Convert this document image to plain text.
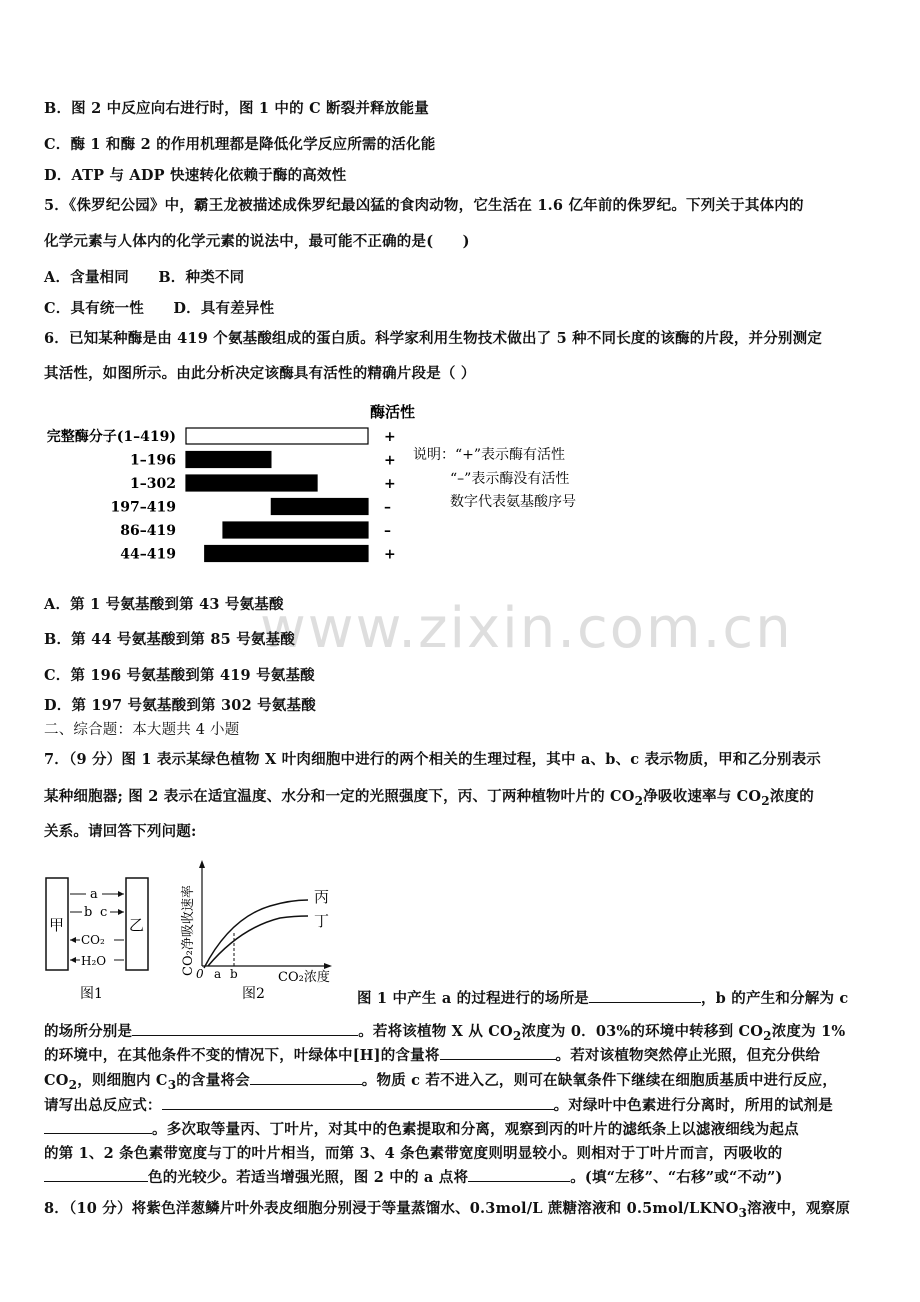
www.zixin.com.cn
B．图 2 中反应向右进行时，图 1 中的 C 断裂并释放能量
C．酶 1 和酶 2 的作用机理都是降低化学反应所需的活化能
D．ATP 与 ADP 快速转化依赖于酶的高效性
5．《侏罗纪公园》中，霸王龙被描述成侏罗纪最凶猛的食肉动物，它生活在 1.6 亿年前的侏罗纪。下列关于其体内的
化学元素与人体内的化学元素的说法中，最可能不正确的是(　　)
A．含量相同　　B．种类不同
C．具有统一性　　D．具有差异性
6．已知某种酶是由 419 个氨基酸组成的蛋白质。科学家利用生物技术做出了 5 种不同长度的该酶的片段，并分别测定
其活性，如图所示。由此分析决定该酶具有活性的精确片段是（ ）
酶活性
完整酶分子(1–419)	+
1–196	+
1–302	+
197–419	–
86–419	–
44–419	+
说明：“+”表示酶有活性
“–”表示酶没有活性
数字代表氨基酸序号
A．第 1 号氨基酸到第 43 号氨基酸
B．第 44 号氨基酸到第 85 号氨基酸
C．第 196 号氨基酸到第 419 号氨基酸
D．第 197 号氨基酸到第 302 号氨基酸
二、综合题：本大题共 4 小题
7．（9 分）图 1 表示某绿色植物 X 叶肉细胞中进行的两个相关的生理过程，其中 a、b、c 表示物质，甲和乙分别表示
某种细胞器; 图 2 表示在适宜温度、水分和一定的光照强度下，丙、丁两种植物叶片的 $CO_2$净吸收速率与 $CO_2$浓度的
关系。请回答下列问题:
甲	乙
a
b c
CO₂
H₂O
图1
CO₂净吸收速率
CO₂浓度
0 a b
丙
丁
图2	图 1 中产生 a 的过程进行的场所是	，b 的产生和分解为 c
的场所分别是	。若将该植物 X 从 $CO_2$浓度为 0．03%的环境中转移到 $CO_2$浓度为 1%
的环境中，在其他条件不变的情况下，叶绿体中[H]的含量将	。若对该植物突然停止光照，但充分供给
$CO_2$，则细胞内 $C_3$的含量将会	。物质 c 若不进入乙，则可在缺氧条件下继续在细胞质基质中进行反应，
请写出总反应式：	。对绿叶中色素进行分离时，所用的试剂是
。多次取等量丙、丁叶片，对其中的色素提取和分离，观察到丙的叶片的滤纸条上以滤液细线为起点
的第 1、2 条色素带宽度与丁的叶片相当，而第 3、4 条色素带宽度则明显较小。则相对于丁叶片而言，丙吸收的
色的光较少。若适当增强光照，图 2 中的 a 点将	。(填“左移”、“右移”或“不动”)
8．（10 分）将紫色洋葱鳞片叶外表皮细胞分别浸于等量蒸馏水、0.3mol/L 蔗糖溶液和 $0.5mol/LKNO_3$溶液中，观察原
